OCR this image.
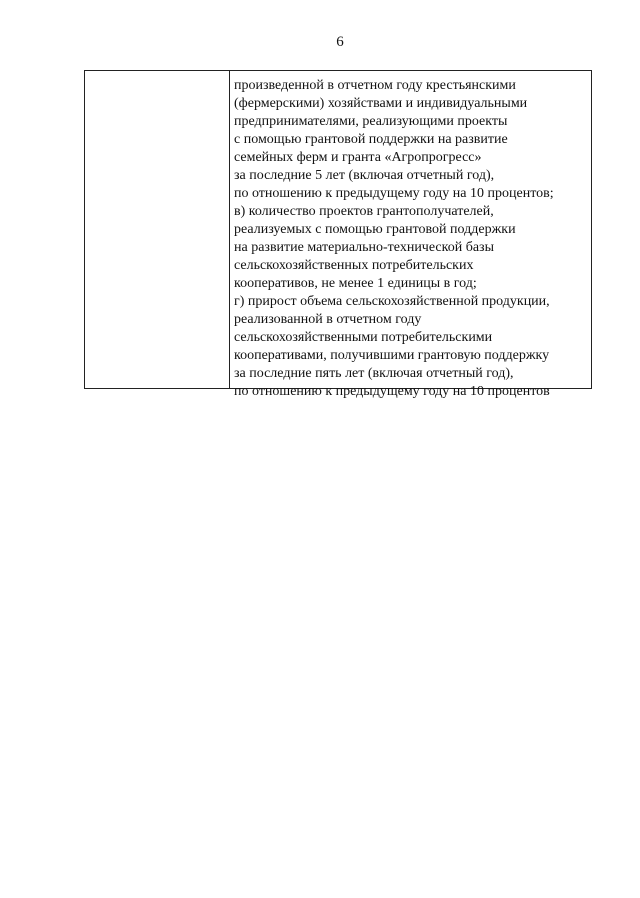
6
произведенной в отчетном году крестьянскими
(фермерскими) хозяйствами и индивидуальными
предпринимателями, реализующими проекты
с помощью грантовой поддержки на развитие
семейных ферм и гранта «Агропрогресс»
за последние 5 лет (включая отчетный год),
по отношению к предыдущему году на 10 процентов;
в) количество проектов грантополучателей,
реализуемых с помощью грантовой поддержки
на развитие материально-технической базы
сельскохозяйственных потребительских
кооперативов, не менее 1 единицы в год;
г) прирост объема сельскохозяйственной продукции,
реализованной в отчетном году
сельскохозяйственными потребительскими
кооперативами, получившими грантовую поддержку
за последние пять лет (включая отчетный год),
по отношению к предыдущему году на 10 процентов
